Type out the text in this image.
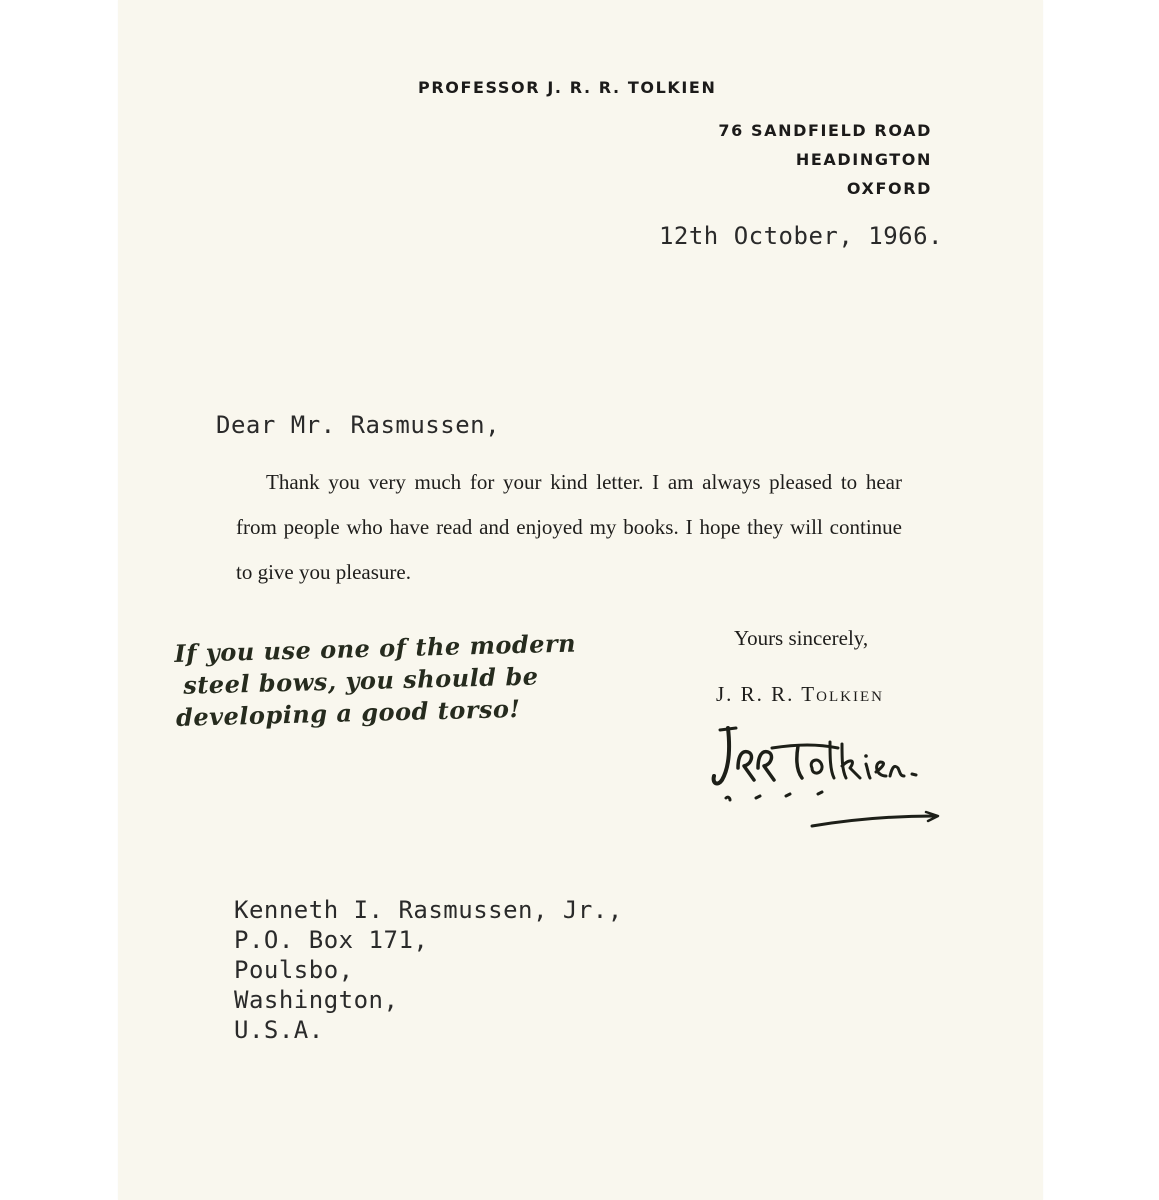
PROFESSOR J. R. R. TOLKIEN

76 SANDFIELD ROAD

HEADINGTON

OXFORD

12th October, 1966.

Dear Mr. Rasmussen,

Thank you very much for your kind letter. I am always pleased to hear from people who have read and enjoyed my books. I hope they will continue to give you pleasure.

If you use one of the modern
steel bows, you should be
developing a good torso!

Yours sincerely,

J. R. R. Tolkien

Kenneth I. Rasmussen, Jr.,
P.O. Box 171,
Poulsbo,
Washington,
U.S.A.
